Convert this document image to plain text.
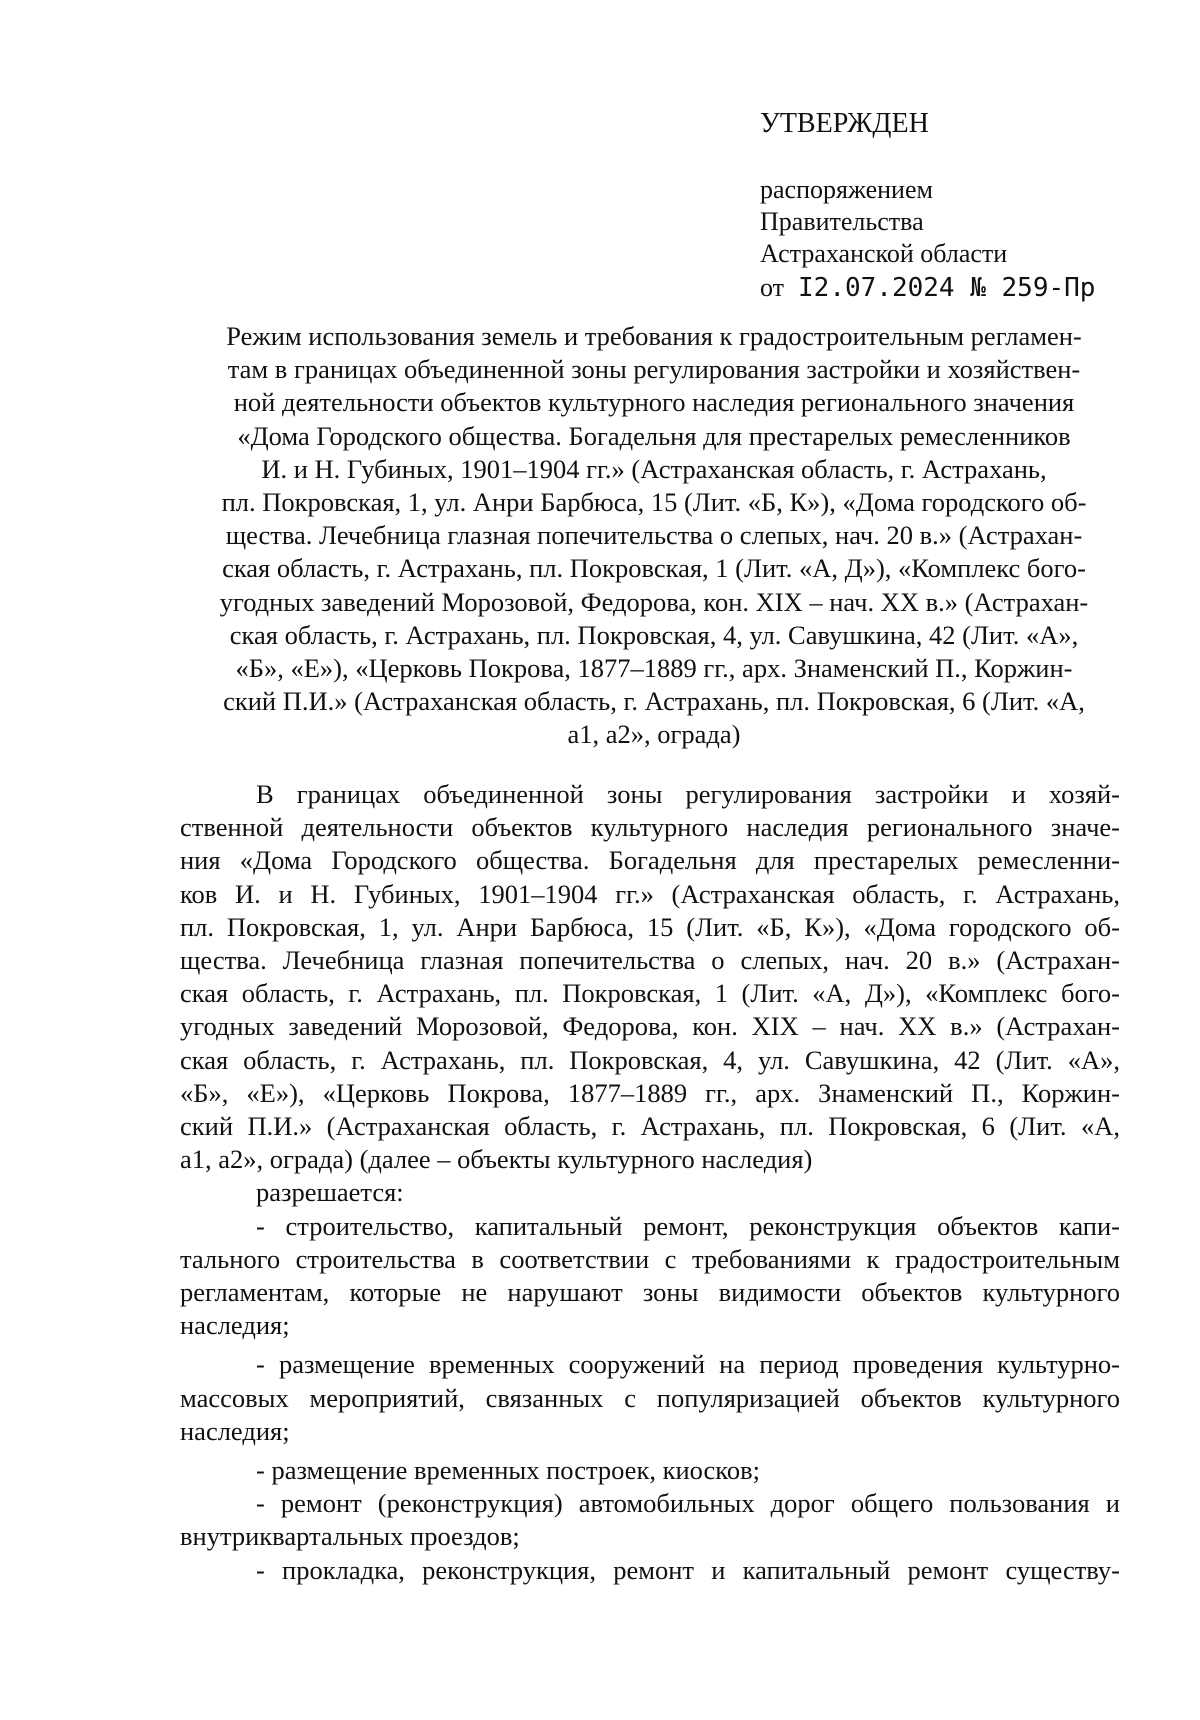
УТВЕРЖДЕН
распоряжением
Правительства
Астраханской области
от I2.07.2024 № 259-Пр
Режим использования земель и требования к градостроительным регламен-
там в границах объединенной зоны регулирования застройки и хозяйствен-
ной деятельности объектов культурного наследия регионального значения
«Дома Городского общества. Богадельня для престарелых ремесленников
И. и Н. Губиных, 1901–1904 гг.» (Астраханская область, г. Астрахань,
пл. Покровская, 1, ул. Анри Барбюса, 15 (Лит. «Б, К»), «Дома городского об-
щества. Лечебница глазная попечительства о слепых, нач. 20 в.» (Астрахан-
ская область, г. Астрахань, пл. Покровская, 1 (Лит. «А, Д»), «Комплекс бого-
угодных заведений Морозовой, Федорова, кон. XIX – нач. XX в.» (Астрахан-
ская область, г. Астрахань, пл. Покровская, 4, ул. Савушкина, 42 (Лит. «А»,
«Б», «Е»), «Церковь Покрова, 1877–1889 гг., арх. Знаменский П., Коржин-
ский П.И.» (Астраханская область, г. Астрахань, пл. Покровская, 6 (Лит. «А,
а1, а2», ограда)
В границах объединенной зоны регулирования застройки и хозяй-
ственной деятельности объектов культурного наследия регионального значе-
ния «Дома Городского общества. Богадельня для престарелых ремесленни-
ков И. и Н. Губиных, 1901–1904 гг.» (Астраханская область, г. Астрахань,
пл. Покровская, 1, ул. Анри Барбюса, 15 (Лит. «Б, К»), «Дома городского об-
щества. Лечебница глазная попечительства о слепых, нач. 20 в.» (Астрахан-
ская область, г. Астрахань, пл. Покровская, 1 (Лит. «А, Д»), «Комплекс бого-
угодных заведений Морозовой, Федорова, кон. XIX – нач. XX в.» (Астрахан-
ская область, г. Астрахань, пл. Покровская, 4, ул. Савушкина, 42 (Лит. «А»,
«Б», «Е»), «Церковь Покрова, 1877–1889 гг., арх. Знаменский П., Коржин-
ский П.И.» (Астраханская область, г. Астрахань, пл. Покровская, 6 (Лит. «А,
а1, а2», ограда) (далее – объекты культурного наследия)
разрешается:
- строительство, капитальный ремонт, реконструкция объектов капи-
тального строительства в соответствии с требованиями к градостроительным
регламентам, которые не нарушают зоны видимости объектов культурного
наследия;
- размещение временных сооружений на период проведения культурно-
массовых мероприятий, связанных с популяризацией объектов культурного
наследия;
- размещение временных построек, киосков;
- ремонт (реконструкция) автомобильных дорог общего пользования и
внутриквартальных проездов;
- прокладка, реконструкция, ремонт и капитальный ремонт существу-
